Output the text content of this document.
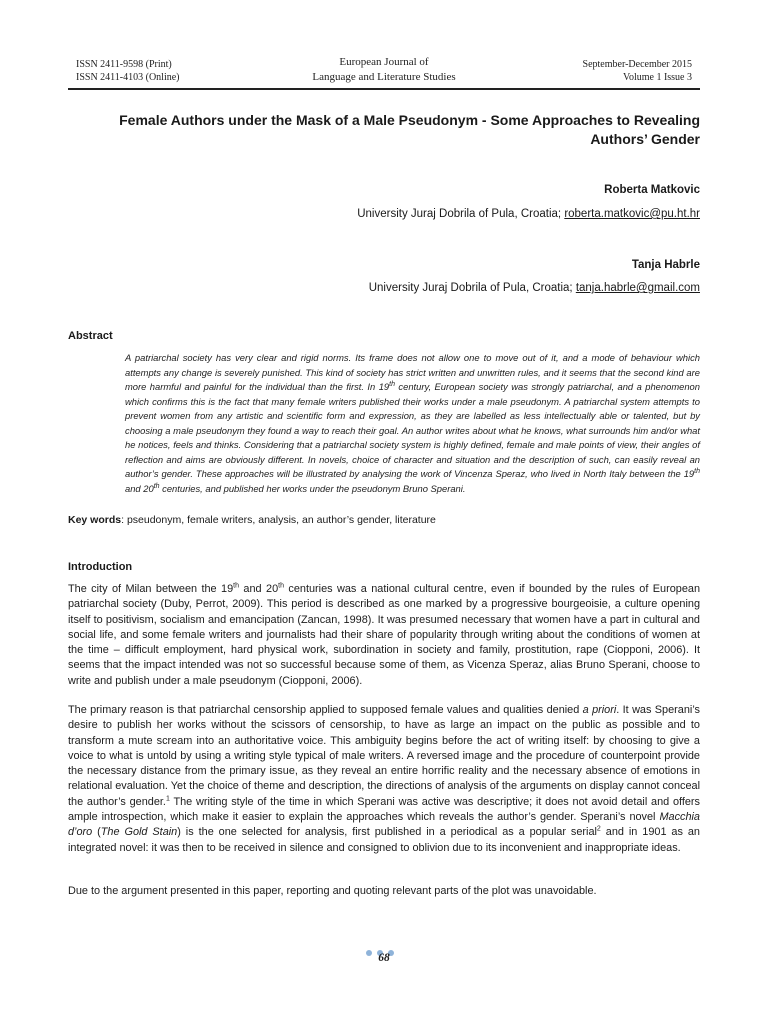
ISSN 2411-9598 (Print)
ISSN 2411-4103 (Online)
European Journal of
Language and Literature Studies
September-December 2015
Volume 1 Issue 3
Female Authors under the Mask of a Male Pseudonym - Some Approaches to Revealing Authors’ Gender
Roberta Matkovic
University Juraj Dobrila of Pula, Croatia; roberta.matkovic@pu.ht.hr
Tanja Habrle
University Juraj Dobrila of Pula, Croatia; tanja.habrle@gmail.com
Abstract
A patriarchal society has very clear and rigid norms. Its frame does not allow one to move out of it, and a mode of behaviour which attempts any change is severely punished. This kind of society has strict written and unwritten rules, and it seems that the second kind are more harmful and painful for the individual than the first. In 19th century, European society was strongly patriarchal, and a phenomenon which confirms this is the fact that many female writers published their works under a male pseudonym. A patriarchal system attempts to prevent women from any artistic and scientific form and expression, as they are labelled as less intellectually able or talented, but by choosing a male pseudonym they found a way to reach their goal. An author writes about what he knows, what surrounds him and/or what he notices, feels and thinks. Considering that a patriarchal society system is highly defined, female and male points of view, their angles of reflection and aims are obviously different. In novels, choice of character and situation and the description of such, can easily reveal an author’s gender. These approaches will be illustrated by analysing the work of Vincenza Speraz, who lived in North Italy between the 19th and 20th centuries, and published her works under the pseudonym Bruno Sperani.
Key words: pseudonym, female writers, analysis, an author’s gender, literature
Introduction
The city of Milan between the 19th and 20th centuries was a national cultural centre, even if bounded by the rules of European patriarchal society (Duby, Perrot, 2009). This period is described as one marked by a progressive bourgeoisie, a culture opening itself to positivism, socialism and emancipation (Zancan, 1998). It was presumed necessary that women have a part in cultural and social life, and some female writers and journalists had their share of popularity through writing about the conditions of women at the time – difficult employment, hard physical work, subordination in society and family, prostitution, rape (Ciopponi, 2006). It seems that the impact intended was not so successful because some of them, as Vicenza Speraz, alias Bruno Sperani, choose to write and publish under a male pseudonym (Ciopponi, 2006).
The primary reason is that patriarchal censorship applied to supposed female values and qualities denied a priori. It was Sperani’s desire to publish her works without the scissors of censorship, to have as large an impact on the public as possible and to transform a mute scream into an authoritative voice. This ambiguity begins before the act of writing itself: by choosing to give a voice to what is untold by using a writing style typical of male writers. A reversed image and the procedure of counterpoint provide the necessary distance from the primary issue, as they reveal an entire horrific reality and the necessary absence of emotions in relational evaluation. Yet the choice of theme and description, the directions of analysis of the arguments on display cannot conceal the author’s gender.$^1$ The writing style of the time in which Sperani was active was descriptive; it does not avoid detail and offers ample introspection, which make it easier to explain the approaches which reveals the author’s gender. Sperani’s novel Macchia d’oro (The Gold Stain) is the one selected for analysis, first published in a periodical as a popular serial$^2$ and in 1901 as an integrated novel: it was then to be received in silence and consigned to oblivion due to its inconvenient and inappropriate ideas.
Due to the argument presented in this paper, reporting and quoting relevant parts of the plot was unavoidable.
68
